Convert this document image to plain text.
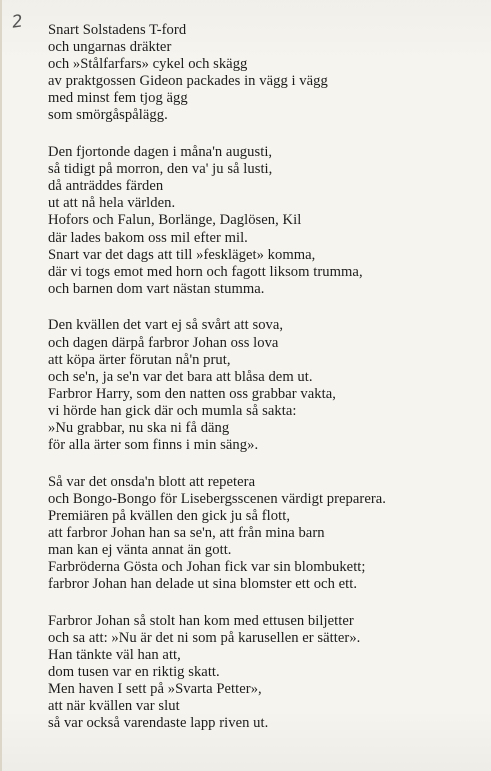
2 Snart Solstadens T-ford
och ungarnas dräkter
och »Stålfarfars» cykel och skägg
av praktgossen Gideon packades in vägg i vägg
med minst fem tjog ägg
som smörgåspålägg.
Den fjortonde dagen i måna'n augusti,
så tidigt på morron, den va' ju så lusti,
då anträddes färden
ut att nå hela världen.
Hofors och Falun, Borlänge, Daglösen, Kil
där lades bakom oss mil efter mil.
Snart var det dags att till »feskläget» komma,
där vi togs emot med horn och fagott liksom trumma,
och barnen dom vart nästan stumma.
Den kvällen det vart ej så svårt att sova,
och dagen därpå farbror Johan oss lova
att köpa ärter förutan nå'n prut,
och se'n, ja se'n var det bara att blåsa dem ut.
Farbror Harry, som den natten oss grabbar vakta,
vi hörde han gick där och mumla så sakta:
»Nu grabbar, nu ska ni få däng
för alla ärter som finns i min säng».
Så var det onsda'n blott att repetera
och Bongo-Bongo för Lisebergsscenen värdigt preparera.
Premiären på kvällen den gick ju så flott,
att farbror Johan han sa se'n, att från mina barn
man kan ej vänta annat än gott.
Farbröderna Gösta och Johan fick var sin blombukett;
farbror Johan han delade ut sina blomster ett och ett.
Farbror Johan så stolt han kom med ettusen biljetter
och sa att: »Nu är det ni som på karusellen er sätter».
Han tänkte väl han att,
dom tusen var en riktig skatt.
Men haven I sett på »Svarta Petter»,
att när kvällen var slut
så var också varendaste lapp riven ut.
